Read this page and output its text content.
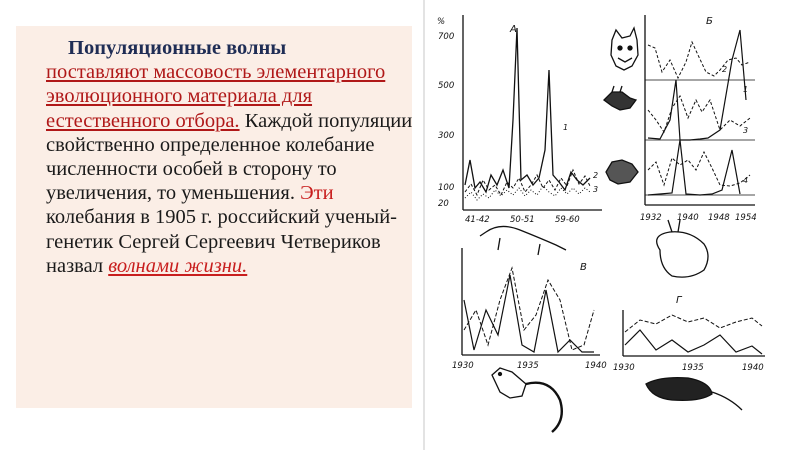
Популяционные волны
поставляют массовость элементарного эволюционного материала для естественного отбора. Каждой популяции свойственно определенное колебание численности особей в сторону то увеличения, то уменьшения. Эти колебания в 1905 г. российский ученый-генетик Сергей Сергеевич Четвериков назвал волнами жизни.

%
А
700
500
300
100
20
41-42 50-51 59-60
1
2
3
Б
2
1
3
4
1932 1940 1948 1954
В
1930	1935	1940
Г
1930	1935	1940
